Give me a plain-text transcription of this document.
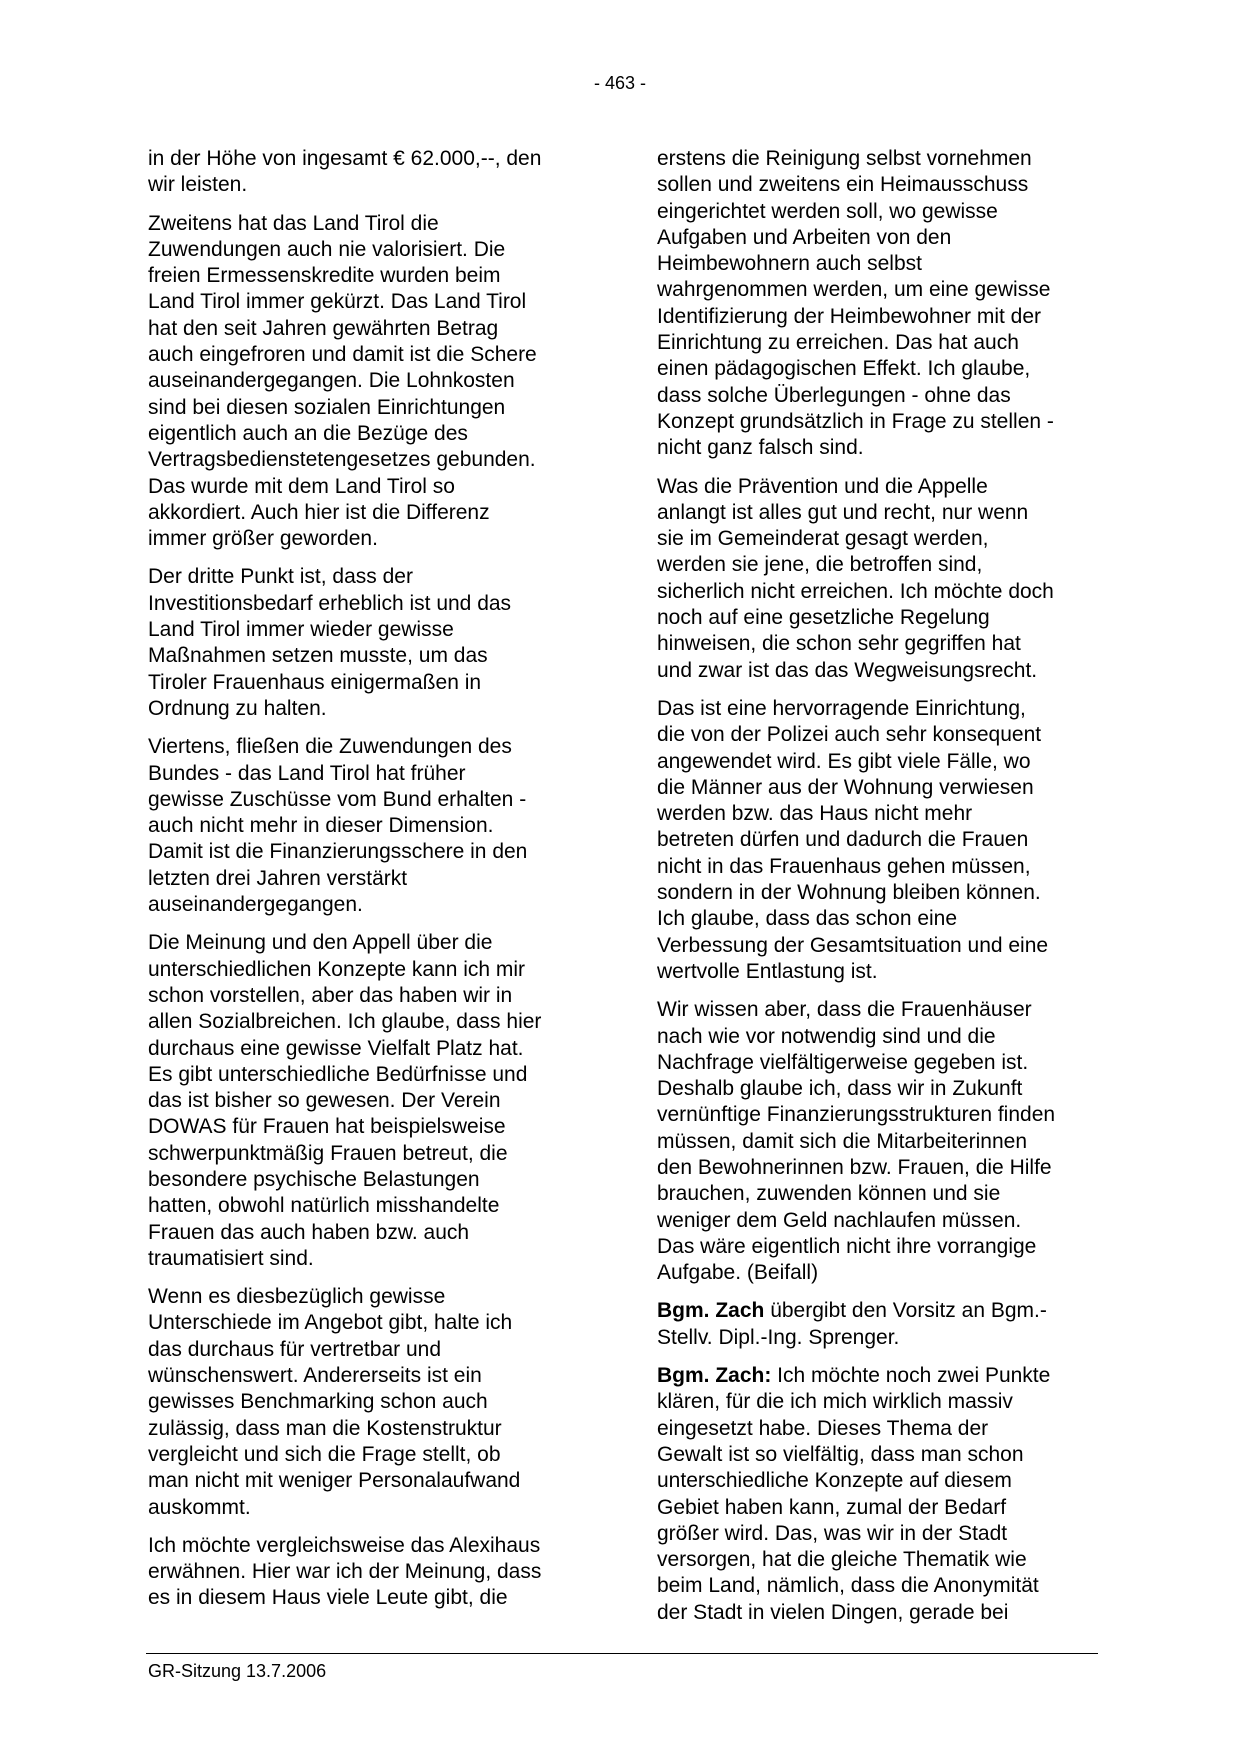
- 463 -

in der Höhe von ingesamt € 62.000,--, den
wir leisten.

Zweitens hat das Land Tirol die
Zuwendungen auch nie valorisiert. Die
freien Ermessenskredite wurden beim
Land Tirol immer gekürzt. Das Land Tirol
hat den seit Jahren gewährten Betrag
auch eingefroren und damit ist die Schere
auseinandergegangen. Die Lohnkosten
sind bei diesen sozialen Einrichtungen
eigentlich auch an die Bezüge des
Vertragsbedienstetengesetzes gebunden.
Das wurde mit dem Land Tirol so
akkordiert. Auch hier ist die Differenz
immer größer geworden.

Der dritte Punkt ist, dass der
Investitionsbedarf erheblich ist und das
Land Tirol immer wieder gewisse
Maßnahmen setzen musste, um das
Tiroler Frauenhaus einigermaßen in
Ordnung zu halten.

Viertens, fließen die Zuwendungen des
Bundes - das Land Tirol hat früher
gewisse Zuschüsse vom Bund erhalten -
auch nicht mehr in dieser Dimension.
Damit ist die Finanzierungsschere in den
letzten drei Jahren verstärkt
auseinandergegangen.

Die Meinung und den Appell über die
unterschiedlichen Konzepte kann ich mir
schon vorstellen, aber das haben wir in
allen Sozialbreichen. Ich glaube, dass hier
durchaus eine gewisse Vielfalt Platz hat.
Es gibt unterschiedliche Bedürfnisse und
das ist bisher so gewesen. Der Verein
DOWAS für Frauen hat beispielsweise
schwerpunktmäßig Frauen betreut, die
besondere psychische Belastungen
hatten, obwohl natürlich misshandelte
Frauen das auch haben bzw. auch
traumatisiert sind.

Wenn es diesbezüglich gewisse
Unterschiede im Angebot gibt, halte ich
das durchaus für vertretbar und
wünschenswert. Andererseits ist ein
gewisses Benchmarking schon auch
zulässig, dass man die Kostenstruktur
vergleicht und sich die Frage stellt, ob
man nicht mit weniger Personalaufwand
auskommt.

Ich möchte vergleichsweise das Alexihaus
erwähnen. Hier war ich der Meinung, dass
es in diesem Haus viele Leute gibt, die

erstens die Reinigung selbst vornehmen
sollen und zweitens ein Heimausschuss
eingerichtet werden soll, wo gewisse
Aufgaben und Arbeiten von den
Heimbewohnern auch selbst
wahrgenommen werden, um eine gewisse
Identifizierung der Heimbewohner mit der
Einrichtung zu erreichen. Das hat auch
einen pädagogischen Effekt. Ich glaube,
dass solche Überlegungen - ohne das
Konzept grundsätzlich in Frage zu stellen -
nicht ganz falsch sind.

Was die Prävention und die Appelle
anlangt ist alles gut und recht, nur wenn
sie im Gemeinderat gesagt werden,
werden sie jene, die betroffen sind,
sicherlich nicht erreichen. Ich möchte doch
noch auf eine gesetzliche Regelung
hinweisen, die schon sehr gegriffen hat
und zwar ist das das Wegweisungsrecht.

Das ist eine hervorragende Einrichtung,
die von der Polizei auch sehr konsequent
angewendet wird. Es gibt viele Fälle, wo
die Männer aus der Wohnung verwiesen
werden bzw. das Haus nicht mehr
betreten dürfen und dadurch die Frauen
nicht in das Frauenhaus gehen müssen,
sondern in der Wohnung bleiben können.
Ich glaube, dass das schon eine
Verbessung der Gesamtsituation und eine
wertvolle Entlastung ist.

Wir wissen aber, dass die Frauenhäuser
nach wie vor notwendig sind und die
Nachfrage vielfältigerweise gegeben ist.
Deshalb glaube ich, dass wir in Zukunft
vernünftige Finanzierungsstrukturen finden
müssen, damit sich die Mitarbeiterinnen
den Bewohnerinnen bzw. Frauen, die Hilfe
brauchen, zuwenden können und sie
weniger dem Geld nachlaufen müssen.
Das wäre eigentlich nicht ihre vorrangige
Aufgabe. (Beifall)

Bgm. Zach übergibt den Vorsitz an Bgm.-
Stellv. Dipl.-Ing. Sprenger.

Bgm. Zach: Ich möchte noch zwei Punkte
klären, für die ich mich wirklich massiv
eingesetzt habe. Dieses Thema der
Gewalt ist so vielfältig, dass man schon
unterschiedliche Konzepte auf diesem
Gebiet haben kann, zumal der Bedarf
größer wird. Das, was wir in der Stadt
versorgen, hat die gleiche Thematik wie
beim Land, nämlich, dass die Anonymität
der Stadt in vielen Dingen, gerade bei

GR-Sitzung 13.7.2006
